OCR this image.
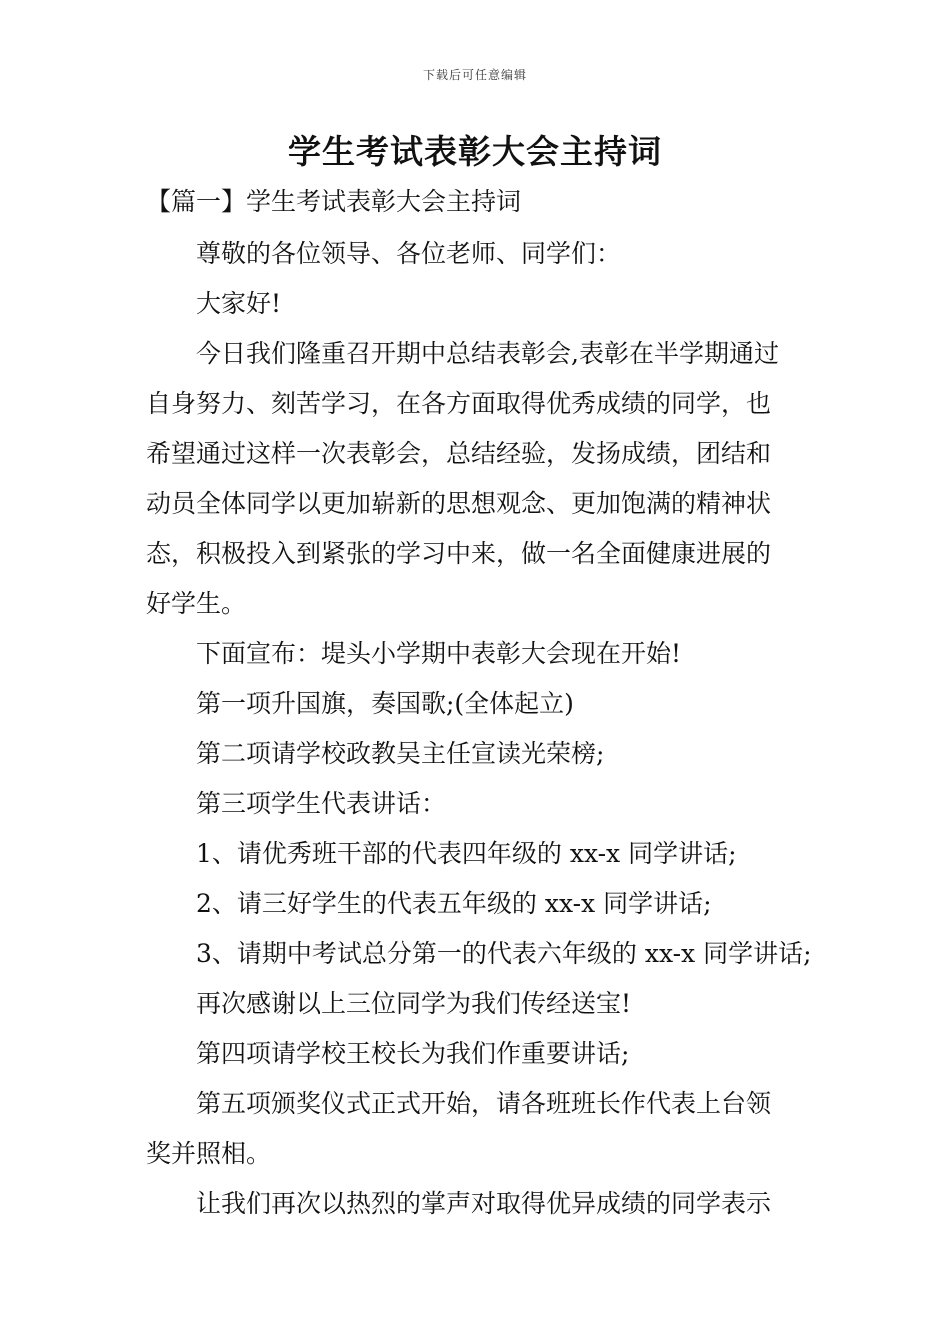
下载后可任意编辑
学生考试表彰大会主持词
【篇一】学生考试表彰大会主持词

尊敬的各位领导、各位老师、同学们：

大家好!

今日我们隆重召开期中总结表彰会,表彰在半学期通过

自身努力、刻苦学习，在各方面取得优秀成绩的同学，也
希望通过这样一次表彰会，总结经验，发扬成绩，团结和
动员全体同学以更加崭新的思想观念、更加饱满的精神状
态，积极投入到紧张的学习中来，做一名全面健康进展的
好学生。

下面宣布：堤头小学期中表彰大会现在开始!

第一项升国旗，奏国歌;(全体起立)

第二项请学校政教吴主任宣读光荣榜;

第三项学生代表讲话：

1、请优秀班干部的代表四年级的 xx-x 同学讲话;

2、请三好学生的代表五年级的 xx-x 同学讲话;

3、请期中考试总分第一的代表六年级的 xx-x 同学讲话;

再次感谢以上三位同学为我们传经送宝!

第四项请学校王校长为我们作重要讲话;

第五项颁奖仪式正式开始，请各班班长作代表上台领

奖并照相。

让我们再次以热烈的掌声对取得优异成绩的同学表示
